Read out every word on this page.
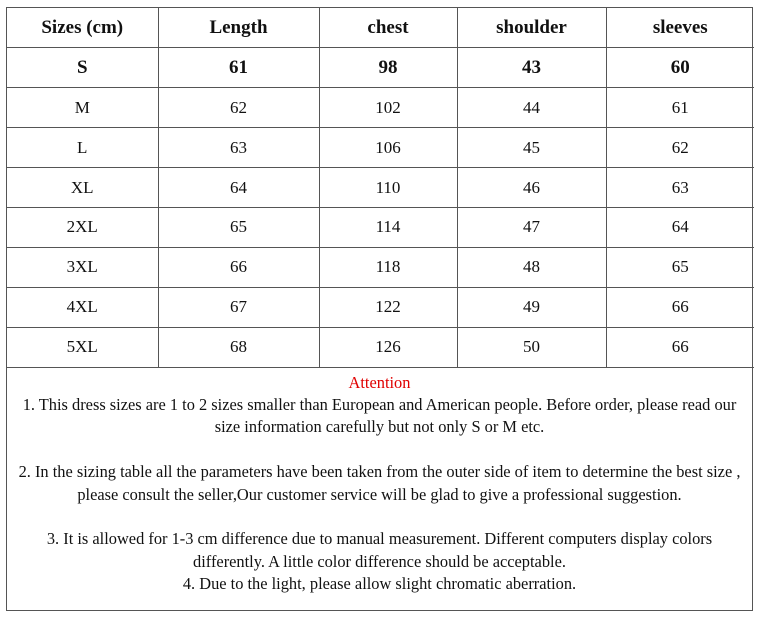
Sizes (cm)	Length	chest	shoulder	sleeves
S	61	98	43	60
M	62	102	44	61
L	63	106	45	62
XL	64	110	46	63
2XL	65	114	47	64
3XL	66	118	48	65
4XL	67	122	49	66
5XL	68	126	50	66
Attention

1. This dress sizes are 1 to 2 sizes smaller than European and American people. Before order, please read our size information carefully but not only S or M etc.

2. In the sizing table all the parameters have been taken from the outer side of item to determine the best size , please consult the seller,Our customer service will be glad to give a professional suggestion.

3. It is allowed for 1-3 cm difference due to manual measurement. Different computers display colors differently. A little color difference should be acceptable.

4. Due to the light, please allow slight chromatic aberration.
